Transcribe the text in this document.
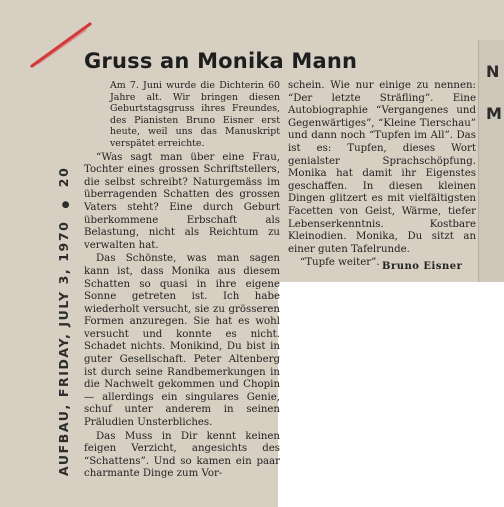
N
M
AUFBAU, FRIDAY, JULY 3, 1970 ● 20
Gruss an Monika Mann

Am 7. Juni wurde die Dichterin 60 Jahre alt. Wir bringen diesen Geburtstagsgruss ihres Freundes, des Pianisten Bruno Eisner erst heute, weil uns das Manuskript verspätet erreichte.

“Was sagt man über eine Frau, Tochter eines grossen Schriftstellers, die selbst schreibt? Naturgemäss im überragenden Schatten des grossen Vaters steht? Eine durch Geburt überkommene Erbschaft als Belastung, nicht als Reichtum zu verwalten hat.

Das Schönste, was man sagen kann ist, dass Monika aus diesem Schatten so quasi in ihre eigene Sonne getreten ist. Ich habe wiederholt versucht, sie zu grösseren Formen anzuregen. Sie hat es wohl versucht und konnte es nicht. Schadet nichts. Monikind, Du bist in guter Gesellschaft. Peter Altenberg ist durch seine Randbemerkungen in die Nachwelt gekommen und Chopin — allerdings ein singulares Genie, schuf unter anderem in seinen Präludien Unsterbliches.

Das Muss in Dir kennt keinen feigen Verzicht, angesichts des “Schattens”. Und so kamen ein paar charmante Dinge zum Vor-

schein. Wie nur einige zu nennen: “Der letzte Sträfling”. Eine Autobiographie “Vergangenes und Gegenwärtiges”, “Kleine Tierschau” und dann noch “Tupfen im All”. Das ist es: Tupfen, dieses Wort genialster Sprachschöpfung. Monika hat damit ihr Eigenstes geschaffen. In diesen kleinen Dingen glitzert es mit vielfältigsten Facetten von Geist, Wärme, tiefer Lebenserkenntnis. Kostbare Kleinodien. Monika, Du sitzt an einer guten Tafelrunde.

“Tupfe weiter”. Bruno Eisner
